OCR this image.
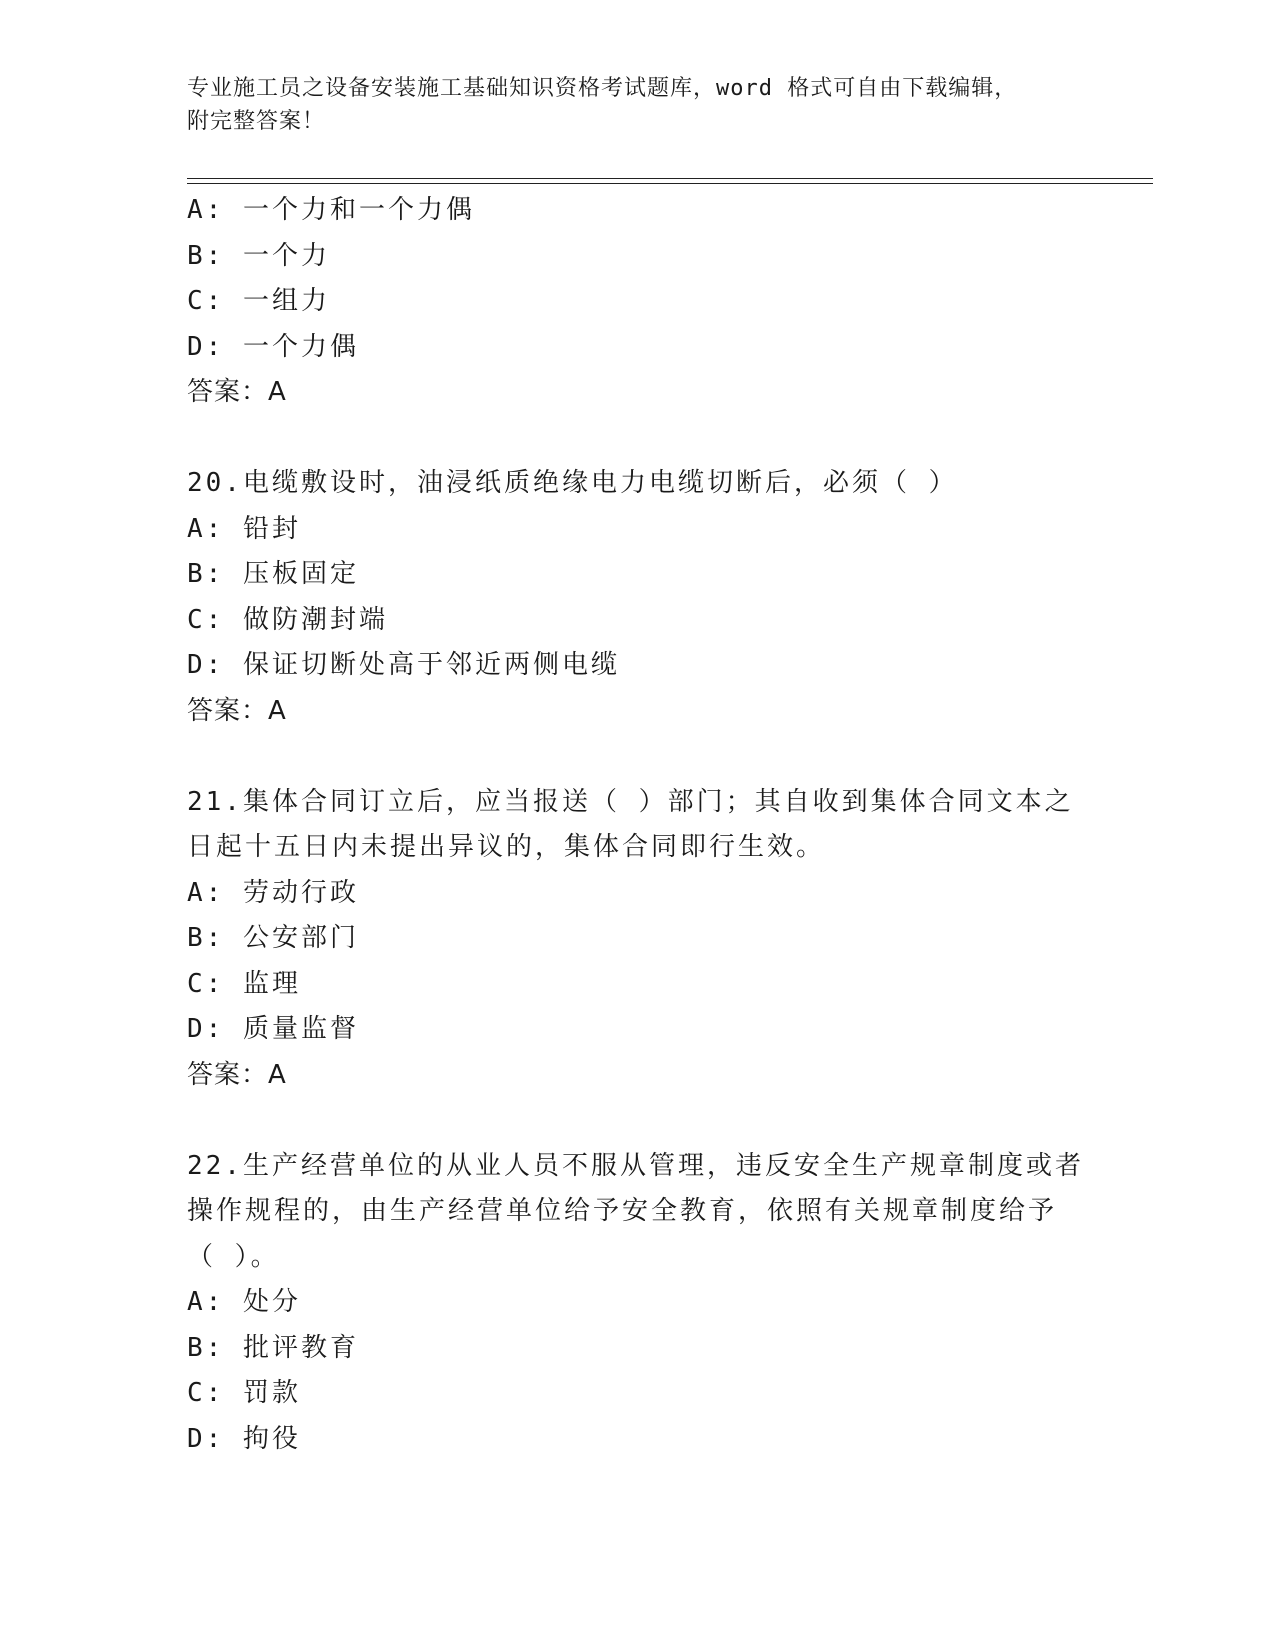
专业施工员之设备安装施工基础知识资格考试题库，word 格式可自由下载编辑，
附完整答案！
A: 一个力和一个力偶
B: 一个力
C: 一组力
D: 一个力偶
答案：A
20.电缆敷设时，油浸纸质绝缘电力电缆切断后，必须（ ）
A: 铅封
B: 压板固定
C: 做防潮封端
D: 保证切断处高于邻近两侧电缆
答案：A
21.集体合同订立后，应当报送（ ）部门；其自收到集体合同文本之
日起十五日内未提出异议的，集体合同即行生效。
A: 劳动行政
B: 公安部门
C: 监理
D: 质量监督
答案：A
22.生产经营单位的从业人员不服从管理，违反安全生产规章制度或者
操作规程的，由生产经营单位给予安全教育，依照有关规章制度给予
（ ）。
A: 处分
B: 批评教育
C: 罚款
D: 拘役
